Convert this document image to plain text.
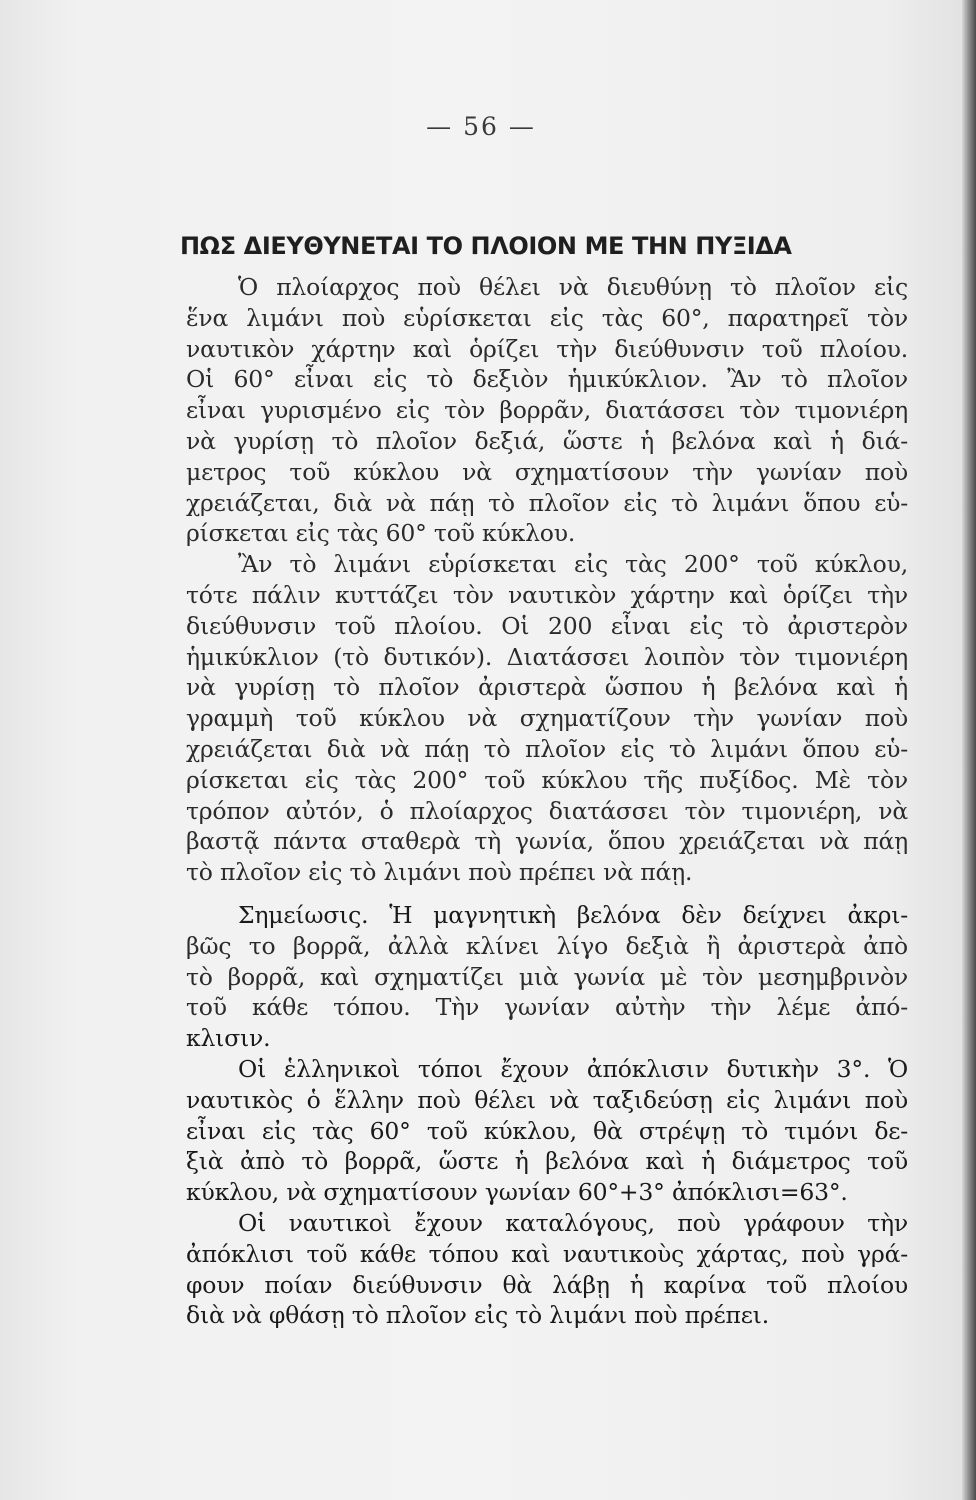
— 56 —
ΠΩΣ ΔΙΕΥΘΥΝΕΤΑΙ ΤΟ ΠΛΟΙΟΝ ΜΕ ΤΗΝ ΠΥΞΙΔΑ
Ὁ πλοίαρχος ποὺ θέλει νὰ διευθύνῃ τὸ πλοῖον εἰς
ἕνα λιμάνι ποὺ εὑρίσκεται εἰς τὰς 60°, παρατηρεῖ τὸν
ναυτικὸν χάρτην καὶ ὁρίζει τὴν διεύθυνσιν τοῦ πλοίου.
Οἱ 60° εἶναι εἰς τὸ δεξιὸν ἡμικύκλιον. Ἂν τὸ πλοῖον
εἶναι γυρισμένο εἰς τὸν βορρᾶν, διατάσσει τὸν τιμονιέρη
νὰ γυρίσῃ τὸ πλοῖον δεξιά, ὥστε ἡ βελόνα καὶ ἡ διά-
μετρος τοῦ κύκλου νὰ σχηματίσουν τὴν γωνίαν ποὺ
χρειάζεται, διὰ νὰ πάῃ τὸ πλοῖον εἰς τὸ λιμάνι ὅπου εὑ-
ρίσκεται εἰς τὰς 60° τοῦ κύκλου.
Ἂν τὸ λιμάνι εὑρίσκεται εἰς τὰς 200° τοῦ κύκλου,
τότε πάλιν κυττάζει τὸν ναυτικὸν χάρτην καὶ ὁρίζει τὴν
διεύθυνσιν τοῦ πλοίου. Οἱ 200 εἶναι εἰς τὸ ἀριστερὸν
ἡμικύκλιον (τὸ δυτικόν). Διατάσσει λοιπὸν τὸν τιμονιέρη
νὰ γυρίσῃ τὸ πλοῖον ἀριστερὰ ὥσπου ἡ βελόνα καὶ ἡ
γραμμὴ τοῦ κύκλου νὰ σχηματίζουν τὴν γωνίαν ποὺ
χρειάζεται διὰ νὰ πάῃ τὸ πλοῖον εἰς τὸ λιμάνι ὅπου εὑ-
ρίσκεται εἰς τὰς 200° τοῦ κύκλου τῆς πυξίδος. Μὲ τὸν
τρόπον αὐτόν, ὁ πλοίαρχος διατάσσει τὸν τιμονιέρη, νὰ
βαστᾷ πάντα σταθερὰ τὴ γωνία, ὅπου χρειάζεται νὰ πάῃ
τὸ πλοῖον εἰς τὸ λιμάνι ποὺ πρέπει νὰ πάῃ.
Σημείωσις. Ἡ μαγνητικὴ βελόνα δὲν δείχνει ἀκρι-
βῶς το βορρᾶ, ἀλλὰ κλίνει λίγο δεξιὰ ἢ ἀριστερὰ ἀπὸ
τὸ βορρᾶ, καὶ σχηματίζει μιὰ γωνία μὲ τὸν μεσημβρινὸν
τοῦ κάθε τόπου. Τὴν γωνίαν αὐτὴν τὴν λέμε ἀπό-
κλισιν.
Οἱ ἑλληνικοὶ τόποι ἔχουν ἀπόκλισιν δυτικὴν 3°. Ὁ
ναυτικὸς ὁ ἕλλην ποὺ θέλει νὰ ταξιδεύσῃ εἰς λιμάνι ποὺ
εἶναι εἰς τὰς 60° τοῦ κύκλου, θὰ στρέψῃ τὸ τιμόνι δε-
ξιὰ ἀπὸ τὸ βορρᾶ, ὥστε ἡ βελόνα καὶ ἡ διάμετρος τοῦ
κύκλου, νὰ σχηματίσουν γωνίαν 60°+3° ἀπόκλισι=63°.
Οἱ ναυτικοὶ ἔχουν καταλόγους, ποὺ γράφουν τὴν
ἀπόκλισι τοῦ κάθε τόπου καὶ ναυτικοὺς χάρτας, ποὺ γρά-
φουν ποίαν διεύθυνσιν θὰ λάβῃ ἡ καρίνα τοῦ πλοίου
διὰ νὰ φθάσῃ τὸ πλοῖον εἰς τὸ λιμάνι ποὺ πρέπει.
